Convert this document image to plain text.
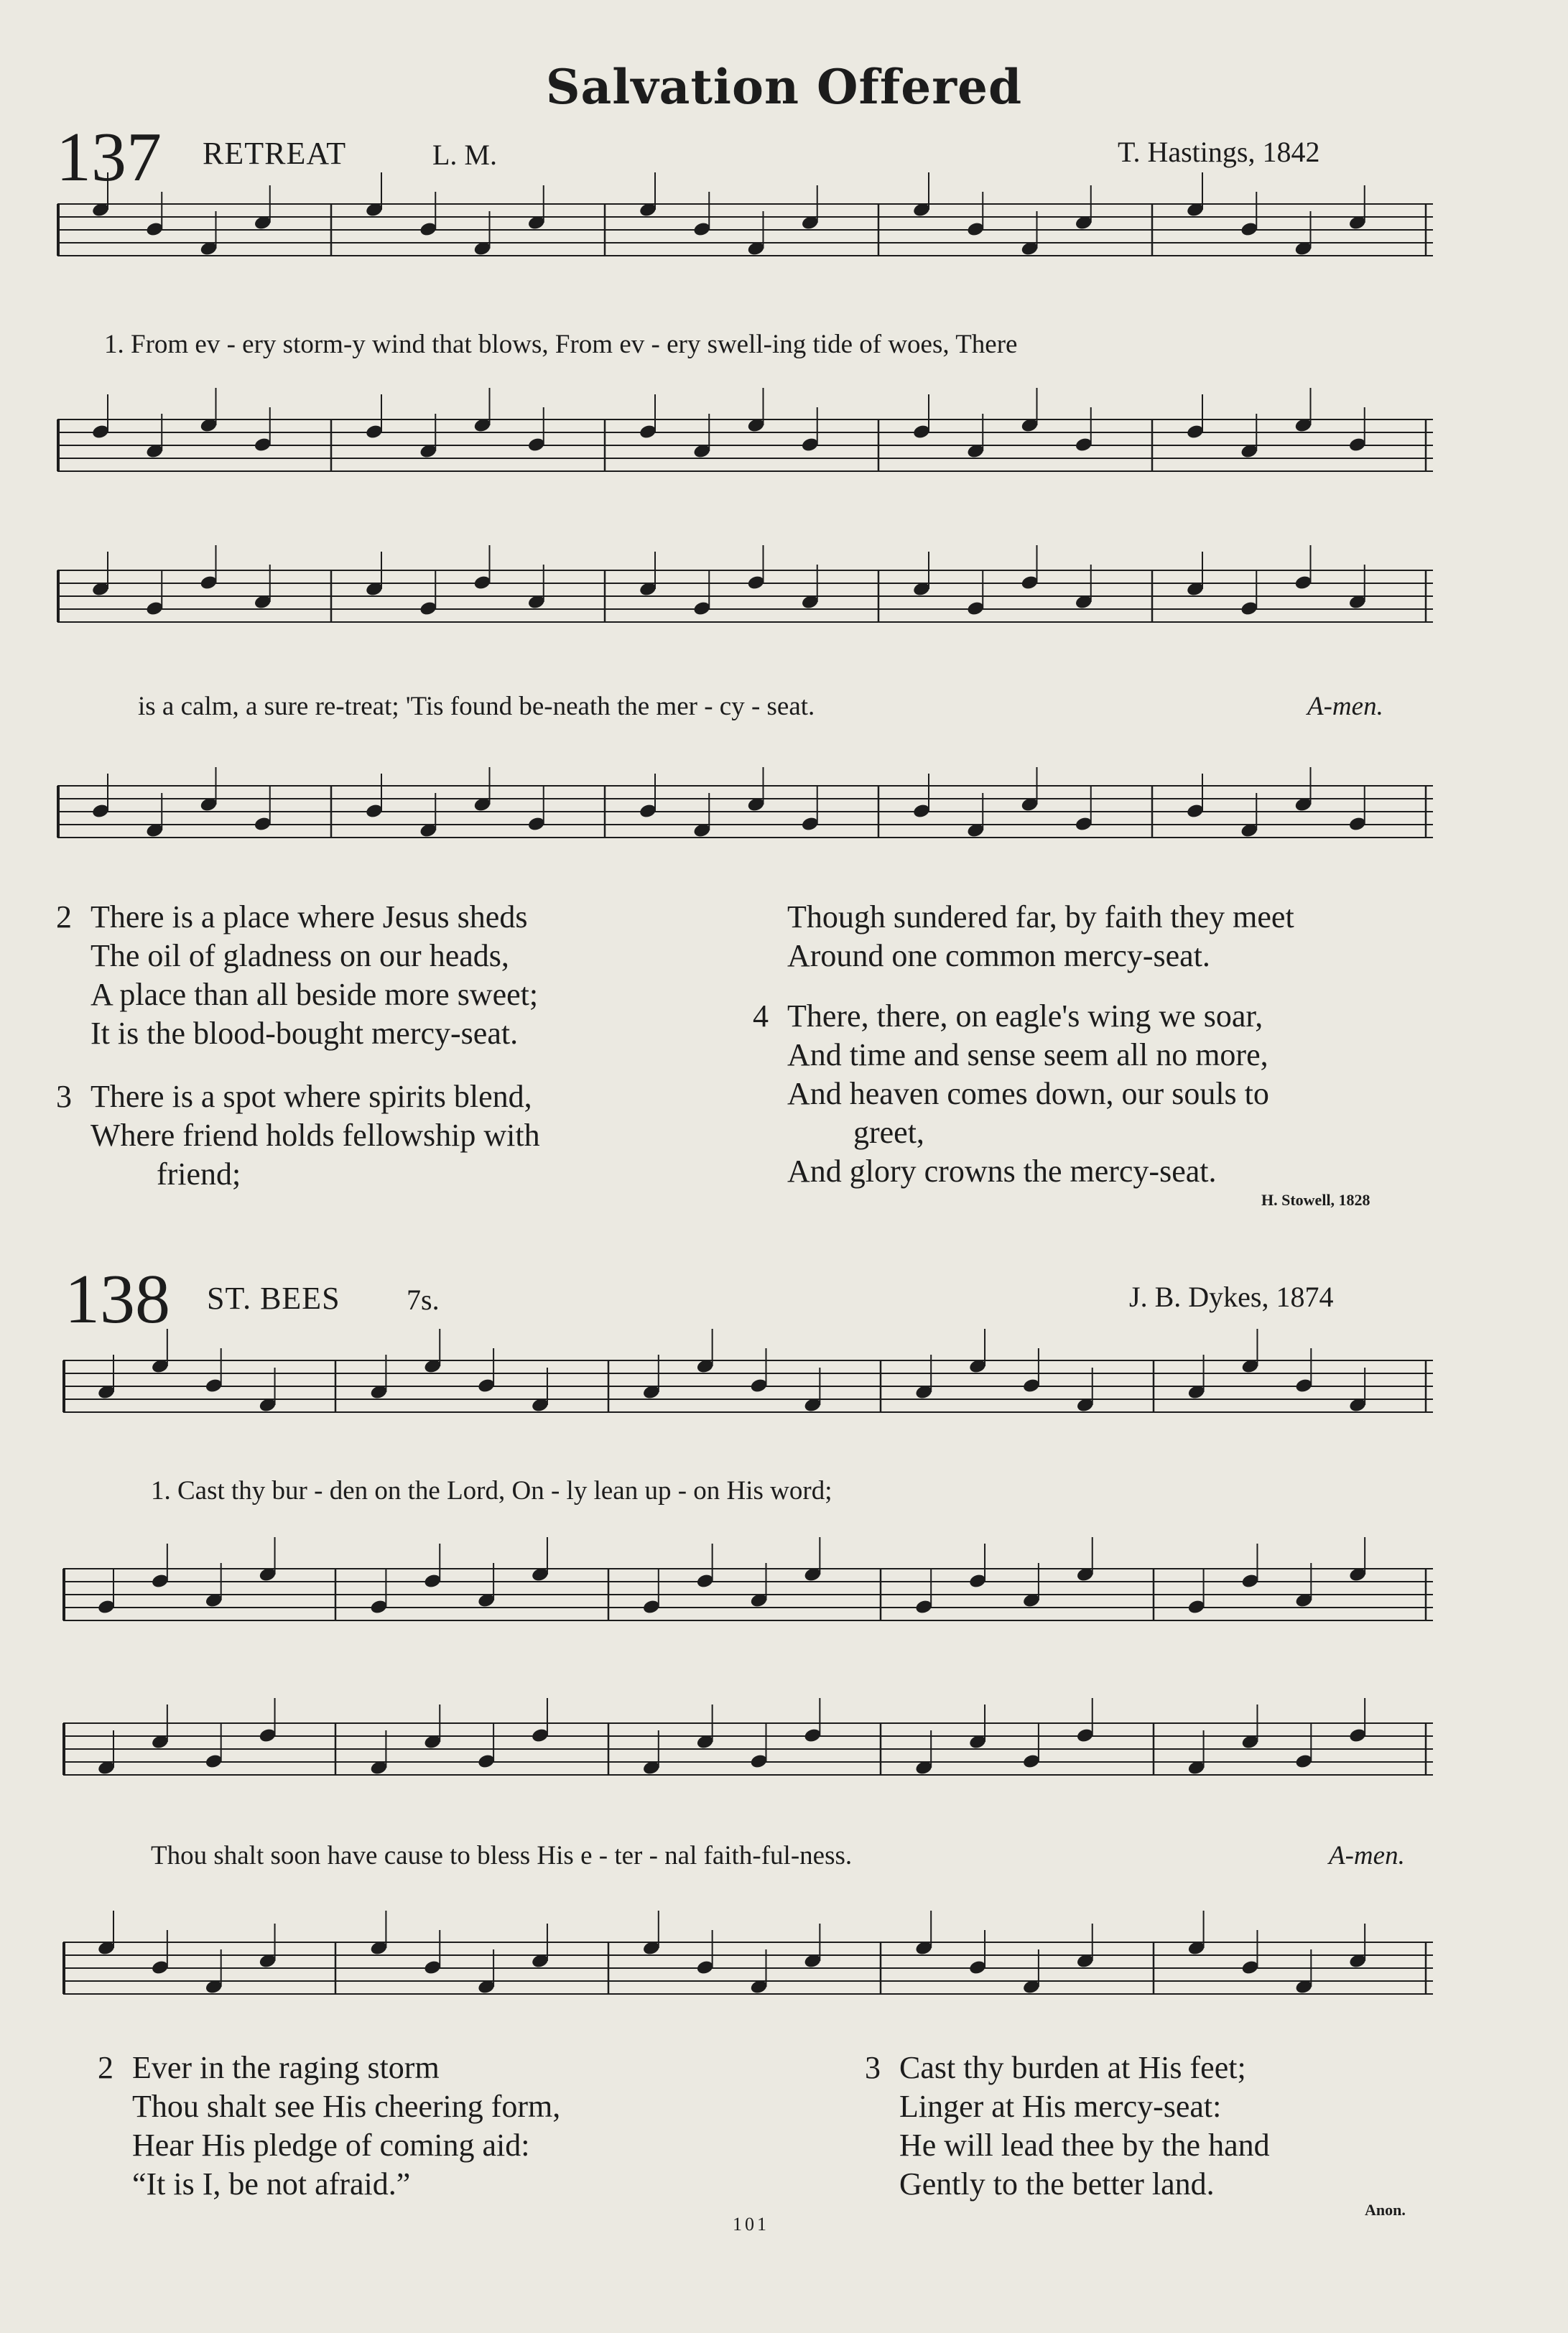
Salvation Offered
137 RETREAT	L. M.	T. Hastings, 1842
1. From ev - ery storm-y wind that blows, From ev - ery swell-ing tide of woes, There
is a calm, a sure re-treat; 'Tis found be-neath the mer - cy - seat.	A-men.
2 There is a place where Jesus sheds
The oil of gladness on our heads,
A place than all beside more sweet;
It is the blood-bought mercy-seat.
3 There is a spot where spirits blend,
Where friend holds fellowship with
friend;
Though sundered far, by faith they meet
Around one common mercy-seat.
4 There, there, on eagle's wing we soar,
And time and sense seem all no more,
And heaven comes down, our souls to
greet,
And glory crowns the mercy-seat.
H. Stowell, 1828
138 ST. BEES 7s.	J. B. Dykes, 1874
1. Cast thy bur - den on the Lord, On - ly lean up - on His word;
Thou shalt soon have cause to bless His e - ter - nal faith-ful-ness.	A-men.
2 Ever in the raging storm
Thou shalt see His cheering form,
Hear His pledge of coming aid:
“It is I, be not afraid.”
3 Cast thy burden at His feet;
Linger at His mercy-seat:
He will lead thee by the hand
Gently to the better land.
Anon.
101
